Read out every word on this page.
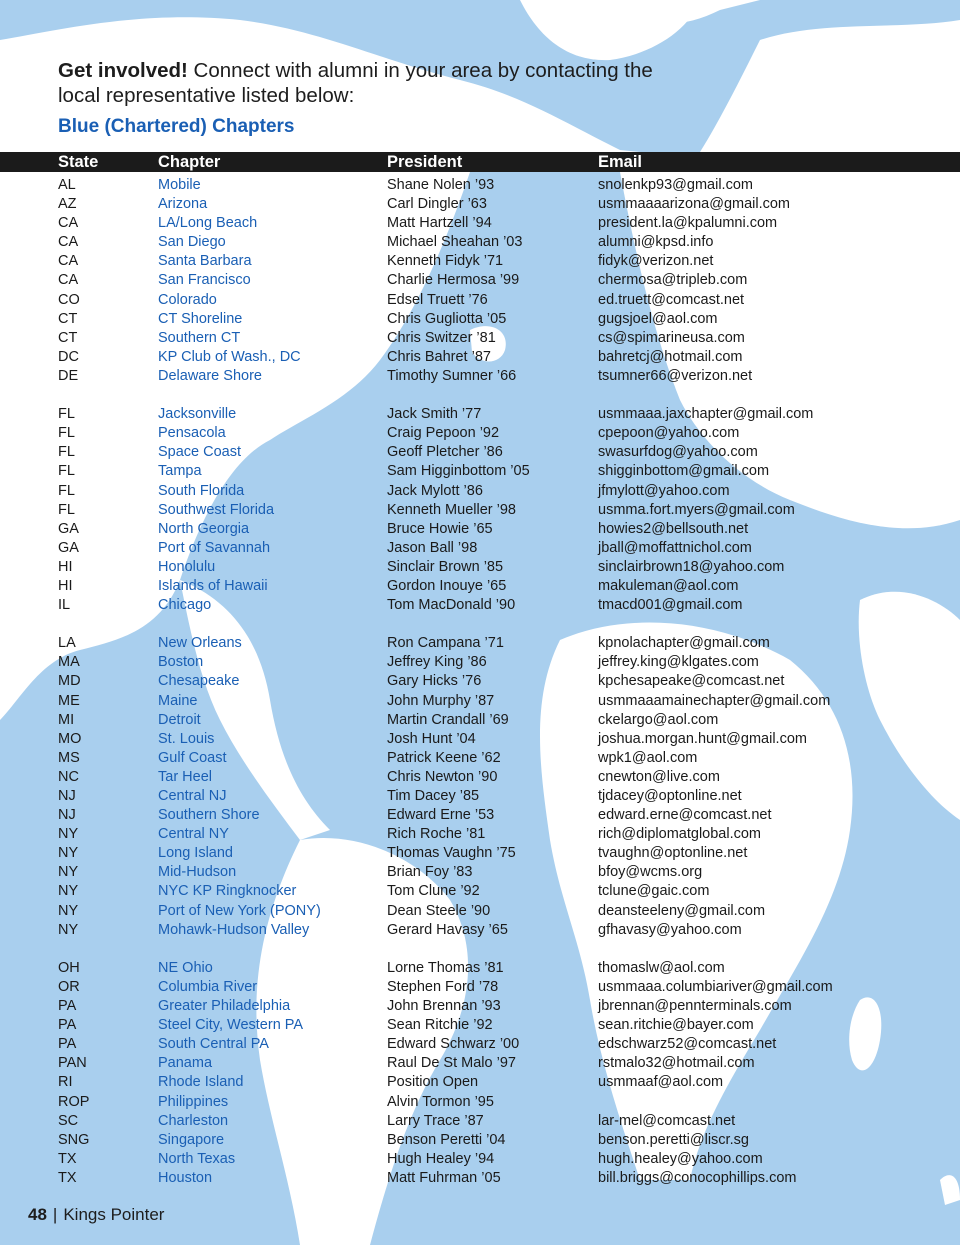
Get involved! Connect with alumni in your area by contacting the local representative listed below:
Blue (Chartered) Chapters
State	Chapter	President	Email
AL	Mobile	Shane Nolen ’93	snolenkp93@gmail.com
AZ	Arizona	Carl Dingler ’63	usmmaaaarizona@gmail.com
CA	LA/Long Beach	Matt Hartzell ’94	president.la@kpalumni.com
CA	San Diego	Michael Sheahan ’03	alumni@kpsd.info
CA	Santa Barbara	Kenneth Fidyk ’71	fidyk@verizon.net
CA	San Francisco	Charlie Hermosa ’99	chermosa@tripleb.com
CO	Colorado	Edsel Truett ’76	ed.truett@comcast.net
CT	CT Shoreline	Chris Gugliotta ’05	gugsjoel@aol.com
CT	Southern CT	Chris Switzer ’81	cs@spimarineusa.com
DC	KP Club of Wash., DC	Chris Bahret ’87	bahretcj@hotmail.com
DE	Delaware Shore	Timothy Sumner ’66	tsumner66@verizon.net
FL	Jacksonville	Jack Smith ’77	usmmaaa.jaxchapter@gmail.com
FL	Pensacola	Craig Pepoon ’92	cpepoon@yahoo.com
FL	Space Coast	Geoff Pletcher ’86	swasurfdog@yahoo.com
FL	Tampa	Sam Higginbottom ’05	shigginbottom@gmail.com
FL	South Florida	Jack Mylott ’86	jfmylott@yahoo.com
FL	Southwest Florida	Kenneth Mueller ’98	usmma.fort.myers@gmail.com
GA	North Georgia	Bruce Howie ’65	howies2@bellsouth.net
GA	Port of Savannah	Jason Ball ’98	jball@moffattnichol.com
HI	Honolulu	Sinclair Brown ’85	sinclairbrown18@yahoo.com
HI	Islands of Hawaii	Gordon Inouye ’65	makuleman@aol.com
IL	Chicago	Tom MacDonald ’90	tmacd001@gmail.com
LA	New Orleans	Ron Campana ’71	kpnolachapter@gmail.com
MA	Boston	Jeffrey King ’86	jeffrey.king@klgates.com
MD	Chesapeake	Gary Hicks ’76	kpchesapeake@comcast.net
ME	Maine	John Murphy ’87	usmmaaamainechapter@gmail.com
MI	Detroit	Martin Crandall ’69	ckelargo@aol.com
MO	St. Louis	Josh Hunt ’04	joshua.morgan.hunt@gmail.com
MS	Gulf Coast	Patrick Keene ’62	wpk1@aol.com
NC	Tar Heel	Chris Newton ’90	cnewton@live.com
NJ	Central NJ	Tim Dacey ’85	tjdacey@optonline.net
NJ	Southern Shore	Edward Erne ’53	edward.erne@comcast.net
NY	Central NY	Rich Roche ’81	rich@diplomatglobal.com
NY	Long Island	Thomas Vaughn ’75	tvaughn@optonline.net
NY	Mid-Hudson	Brian Foy ’83	bfoy@wcms.org
NY	NYC KP Ringknocker	Tom Clune ’92	tclune@gaic.com
NY	Port of New York (PONY)	Dean Steele ’90	deansteeleny@gmail.com
NY	Mohawk-Hudson Valley	Gerard Havasy ’65	gfhavasy@yahoo.com
OH	NE Ohio	Lorne Thomas ’81	thomaslw@aol.com
OR	Columbia River	Stephen Ford ’78	usmmaaa.columbiariver@gmail.com
PA	Greater Philadelphia	John Brennan ’93	jbrennan@pennterminals.com
PA	Steel City, Western PA	Sean Ritchie ’92	sean.ritchie@bayer.com
PA	South Central PA	Edward Schwarz ’00	edschwarz52@comcast.net
PAN	Panama	Raul De St Malo ’97	rstmalo32@hotmail.com
RI	Rhode Island	Position Open	usmmaaf@aol.com
ROP	Philippines	Alvin Tormon ’95
SC	Charleston	Larry Trace ’87	lar-mel@comcast.net
SNG	Singapore	Benson Peretti ’04	benson.peretti@liscr.sg
TX	North Texas	Hugh Healey ’94	hugh.healey@yahoo.com
TX	Houston	Matt Fuhrman ’05	bill.briggs@conocophillips.com
48 | Kings Pointer
